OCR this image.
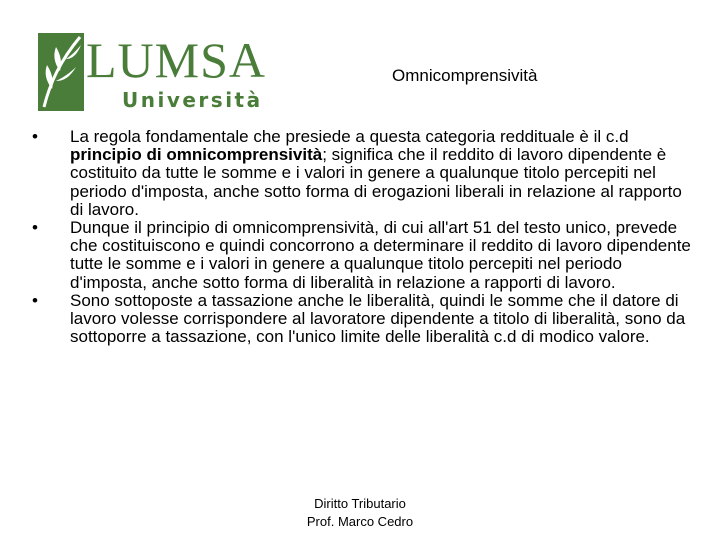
LUMSA
Università
Omnicomprensività
•	La regola fondamentale che presiede a questa categoria reddituale è il c.d principio di omnicomprensività; significa che il reddito di lavoro dipendente è costituito da tutte le somme e i valori in genere a qualunque titolo percepiti nel periodo d'imposta, anche sotto forma di erogazioni liberali in relazione al rapporto di lavoro.
•	Dunque il principio di omnicomprensività, di cui all'art 51 del testo unico, prevede che costituiscono e quindi concorrono a determinare il reddito di lavoro dipendente tutte le somme e i valori in genere a qualunque titolo percepiti nel periodo d'imposta, anche sotto forma di liberalità in relazione a rapporti di lavoro.
•	Sono sottoposte a tassazione anche le liberalità, quindi le somme che il datore di lavoro volesse corrispondere al lavoratore dipendente a titolo di liberalità, sono da sottoporre a tassazione, con l'unico limite delle liberalità c.d di modico valore.
Diritto Tributario
Prof. Marco Cedro
